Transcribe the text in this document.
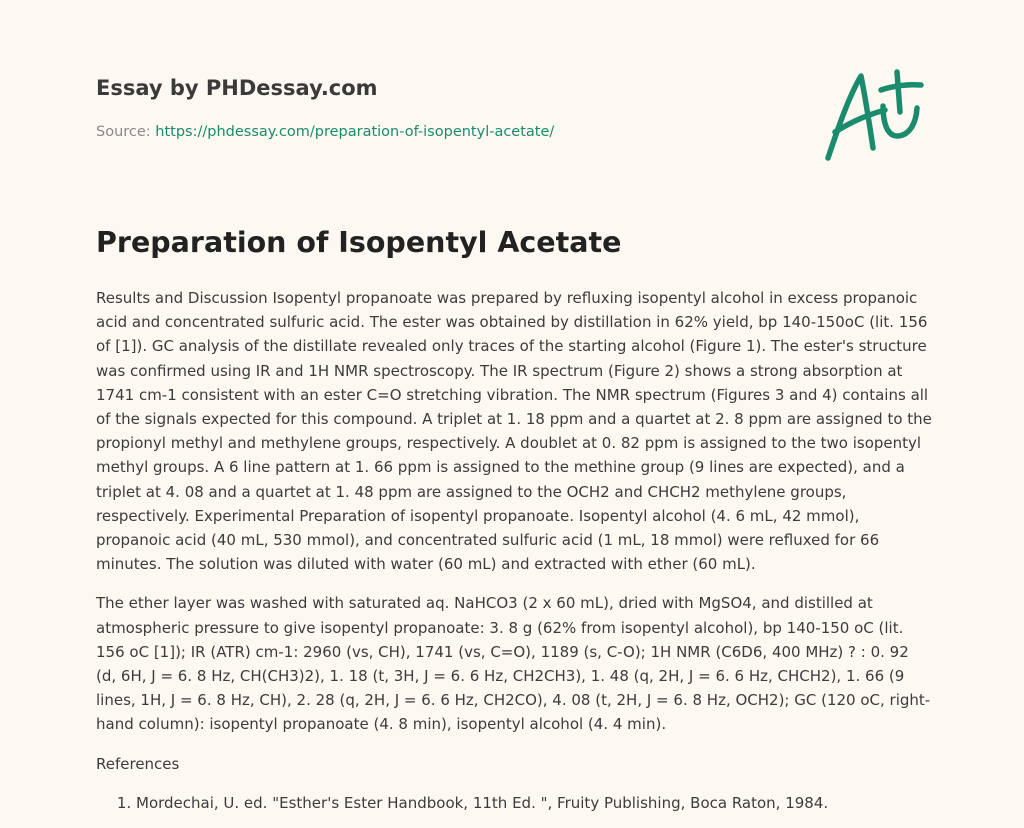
Essay by PHDessay.com

Source: https://phdessay.com/preparation-of-isopentyl-acetate/

Preparation of Isopentyl Acetate

Results and Discussion Isopentyl propanoate was prepared by refluxing isopentyl alcohol in excess propanoic acid and concentrated sulfuric acid. The ester was obtained by distillation in 62% yield, bp 140-150oC (lit. 156 of [1]). GC analysis of the distillate revealed only traces of the starting alcohol (Figure 1). The ester's structure was confirmed using IR and 1H NMR spectroscopy. The IR spectrum (Figure 2) shows a strong absorption at 1741 cm-1 consistent with an ester C=O stretching vibration. The NMR spectrum (Figures 3 and 4) contains all of the signals expected for this compound. A triplet at 1. 18 ppm and a quartet at 2. 8 ppm are assigned to the propionyl methyl and methylene groups, respectively. A doublet at 0. 82 ppm is assigned to the two isopentyl methyl groups. A 6 line pattern at 1. 66 ppm is assigned to the methine group (9 lines are expected), and a triplet at 4. 08 and a quartet at 1. 48 ppm are assigned to the OCH2 and CHCH2 methylene groups, respectively. Experimental Preparation of isopentyl propanoate. Isopentyl alcohol (4. 6 mL, 42 mmol), propanoic acid (40 mL, 530 mmol), and concentrated sulfuric acid (1 mL, 18 mmol) were refluxed for 66 minutes. The solution was diluted with water (60 mL) and extracted with ether (60 mL).

The ether layer was washed with saturated aq. NaHCO3 (2 x 60 mL), dried with MgSO4, and distilled at atmospheric pressure to give isopentyl propanoate: 3. 8 g (62% from isopentyl alcohol), bp 140-150 oC (lit. 156 oC [1]); IR (ATR) cm-1: 2960 (vs, CH), 1741 (vs, C=O), 1189 (s, C-O); 1H NMR (C6D6, 400 MHz) ? : 0. 92 (d, 6H, J = 6. 8 Hz, CH(CH3)2), 1. 18 (t, 3H, J = 6. 6 Hz, CH2CH3), 1. 48 (q, 2H, J = 6. 6 Hz, CHCH2), 1. 66 (9 lines, 1H, J = 6. 8 Hz, CH), 2. 28 (q, 2H, J = 6. 6 Hz, CH2CO), 4. 08 (t, 2H, J = 6. 8 Hz, OCH2); GC (120 oC, right-hand column): isopentyl propanoate (4. 8 min), isopentyl alcohol (4. 4 min).

References

1. Mordechai, U. ed. "Esther's Ester Handbook, 11th Ed. ", Fruity Publishing, Boca Raton, 1984.
